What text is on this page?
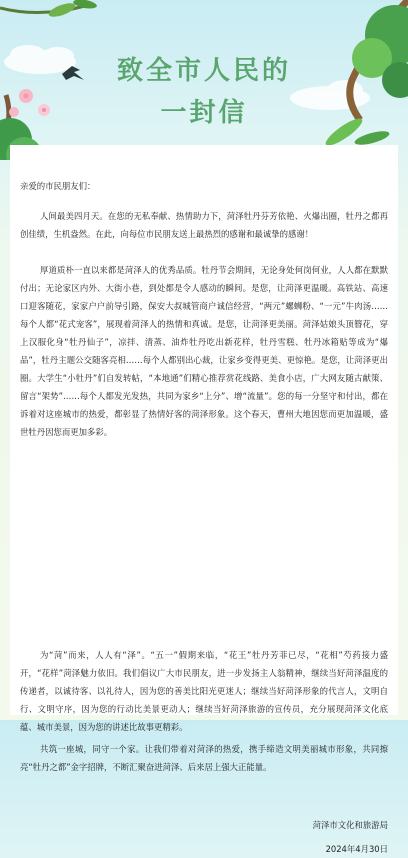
致全市人民的
一封信

亲爱的市民朋友们：

人间最美四月天。在您的无私奉献、热情助力下，菏泽牡丹芬芳依艳、火爆出圈，牡丹之都再创佳绩，生机盎然。在此，向每位市民朋友送上最热烈的感谢和最诚挚的感谢！

厚道质朴一直以来都是菏泽人的优秀品质。牡丹节会期间，无论身处何岗何业，人人都在默默付出；无论家区内外、大街小巷，到处都是令人感动的瞬间。是您，让菏泽更温暖。高铁站、高速口迎客随花，家家户户前导引路，保安大叔城管商户诚信经营，“两元”螺蛳粉、“一元”牛肉汤……每个人都“花式宠客”，展现着菏泽人的热情和真诚。是您，让菏泽更美丽。菏泽姑娘头顶簪花，穿上汉服化身“牡丹仙子”，凉拌、清蒸、油炸牡丹吃出新花样，牡丹雪糕、牡丹冰箱贴等成为“爆品”，牡丹主题公交随客亮相……每个人都别出心裁，让家乡变得更美、更惊艳。是您，让菏泽更出圈。大学生“小牡丹”们自发转帖，“本地通”们精心推荐赏花线路、美食小店，广大网友随古献策、留言“架势”……每个人都发光发热，共同为家乡“上分”、增“流量”。您的每一分坚守和付出，都在诉着对这座城市的热爱，都彰显了热情好客的菏泽形象。这个春天，曹州大地因您而更加温暖，盛世牡丹因您而更加多彩。

为“菏”而来，人人有“泽”。“五一”假期来临，“花王”牡丹芳菲已尽，“花相”芍药接力盛开，“花样”菏泽魅力依旧。我们倡议广大市民朋友，进一步发扬主人翁精神，继续当好菏泽温度的传递者，以诚待客、以礼待人，因为您的善美比阳光更迷人；继续当好菏泽形象的代言人，文明自行、文明守序，因为您的行动比美景更动人；继续当好菏泽旅游的宣传员，充分展现菏泽文化底蕴、城市美景，因为您的讲述比故事更精彩。

共筑一座城，同守一个家。让我们带着对菏泽的热爱，携手缔造文明美丽城市形象，共同擦亮“牡丹之都”金字招牌，不断汇聚奋进菏泽、后来居上强大正能量。

菏泽市文化和旅游局

2024年4月30日
